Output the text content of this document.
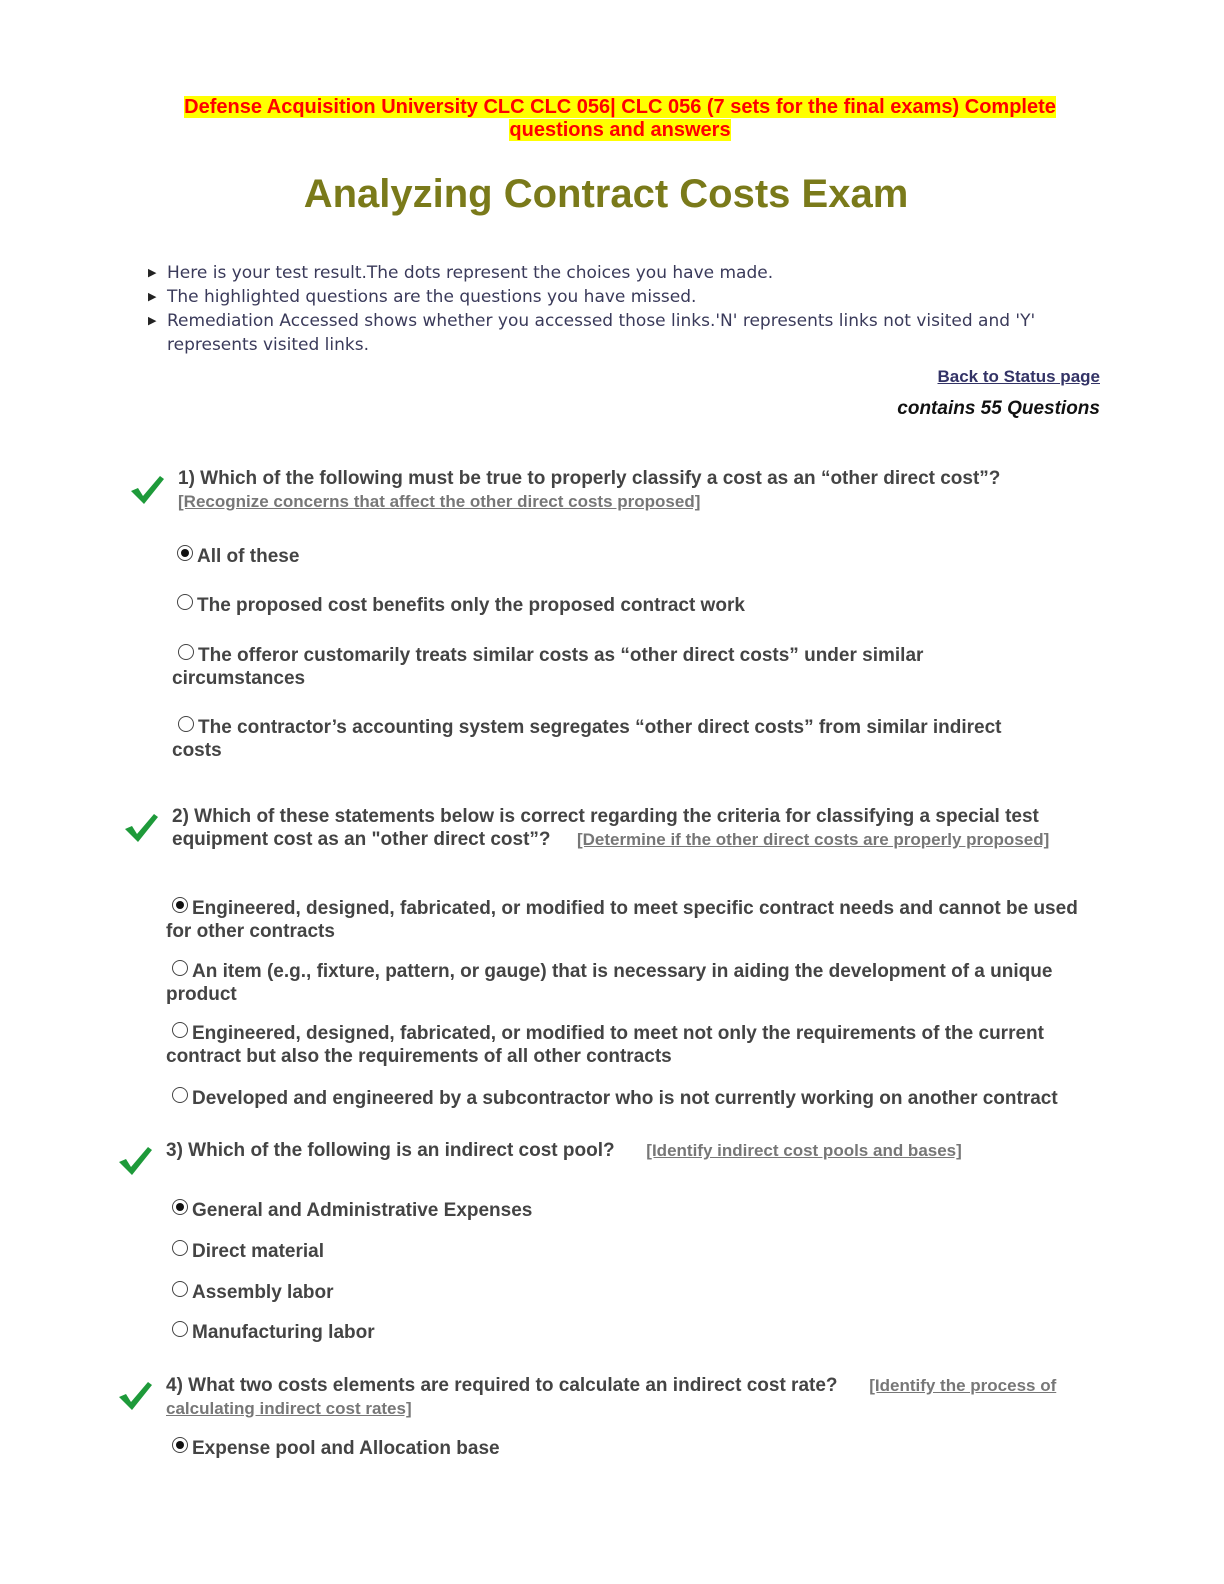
Defense Acquisition University CLC CLC 056| CLC 056 (7 sets for the final exams) Complete
questions and answers
Analyzing Contract Costs Exam
▶ Here is your test result.The dots represent the choices you have made.
▶ The highlighted questions are the questions you have missed.
▶ Remediation Accessed shows whether you accessed those links.'N' represents links not visited and 'Y' represents visited links.
Back to Status page
contains 55 Questions
1) Which of the following must be true to properly classify a cost as an “other direct cost”?
[Recognize concerns that affect the other direct costs proposed]
All of these
The proposed cost benefits only the proposed contract work
The offeror customarily treats similar costs as “other direct costs” under similar circumstances
The contractor’s accounting system segregates “other direct costs” from similar indirect costs
2) Which of these statements below is correct regarding the criteria for classifying a special test equipment cost as an "other direct cost”? [Determine if the other direct costs are properly proposed]
Engineered, designed, fabricated, or modified to meet specific contract needs and cannot be used for other contracts
An item (e.g., fixture, pattern, or gauge) that is necessary in aiding the development of a unique product
Engineered, designed, fabricated, or modified to meet not only the requirements of the current contract but also the requirements of all other contracts
Developed and engineered by a subcontractor who is not currently working on another contract
3) Which of the following is an indirect cost pool? [Identify indirect cost pools and bases]
General and Administrative Expenses
Direct material
Assembly labor
Manufacturing labor
4) What two costs elements are required to calculate an indirect cost rate? [Identify the process of calculating indirect cost rates]
Expense pool and Allocation base
